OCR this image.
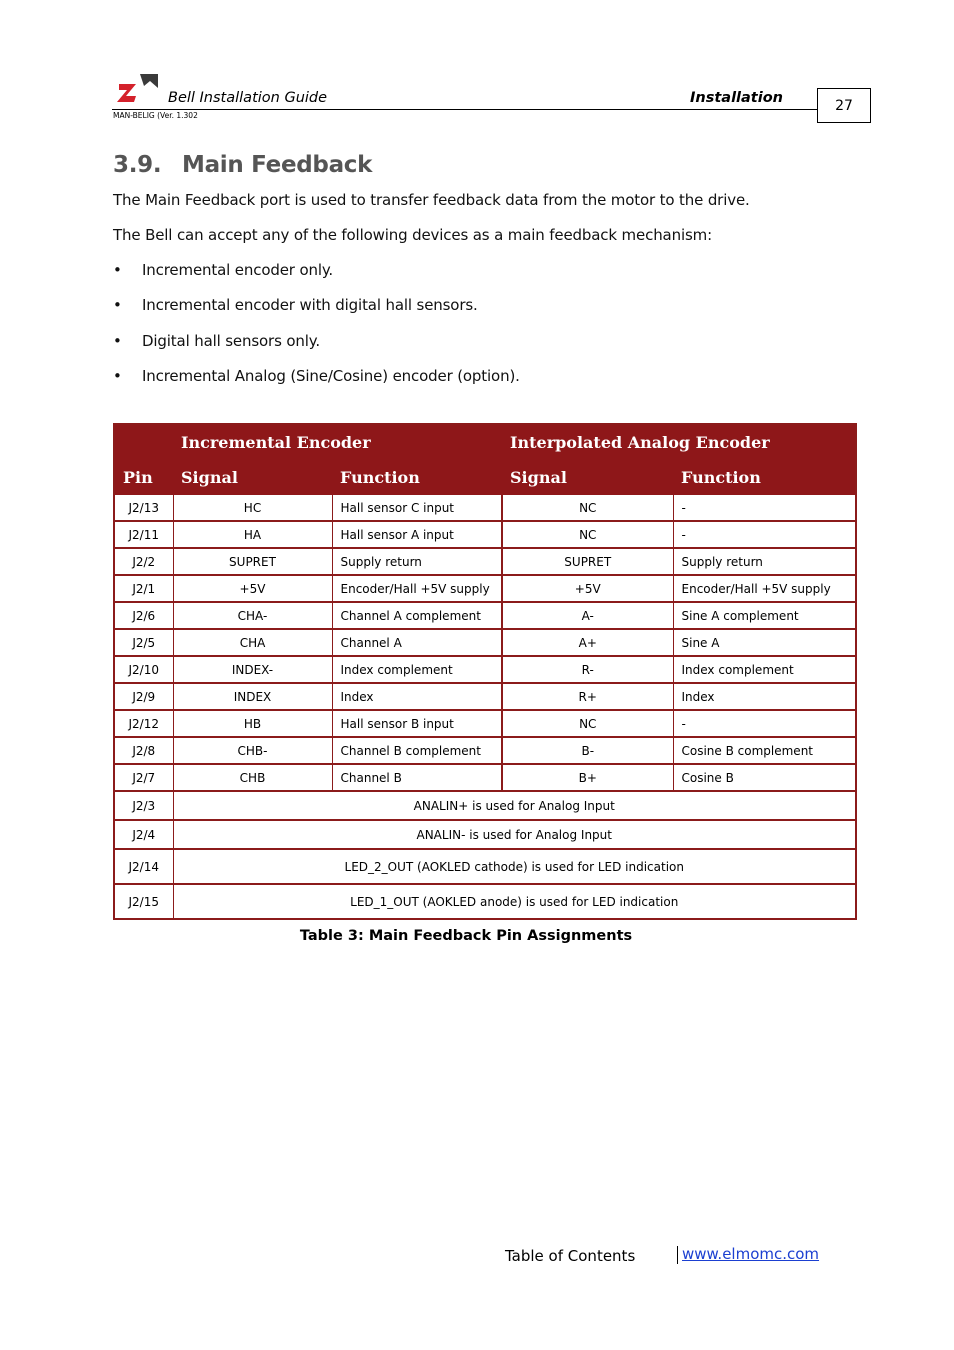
Bell Installation Guide	Installation
MAN-BELIG (Ver. 1.302
27
3.9. Main Feedback
The Main Feedback port is used to transfer feedback data from the motor to the drive.
The Bell can accept any of the following devices as a main feedback mechanism:
• Incremental encoder only.
• Incremental encoder with digital hall sensors.
• Digital hall sensors only.
• Incremental Analog (Sine/Cosine) encoder (option).
	Incremental Encoder		Interpolated Analog Encoder	
Pin	Signal	Function	Signal	Function
J2/13	HC	Hall sensor C input	NC	-
J2/11	HA	Hall sensor A input	NC	-
J2/2	SUPRET	Supply return	SUPRET	Supply return
J2/1	+5V	Encoder/Hall +5V supply	+5V	Encoder/Hall +5V supply
J2/6	CHA-	Channel A complement	A-	Sine A complement
J2/5	CHA	Channel A	A+	Sine A
J2/10	INDEX-	Index complement	R-	Index complement
J2/9	INDEX	Index	R+	Index
J2/12	HB	Hall sensor B input	NC	-
J2/8	CHB-	Channel B complement	B-	Cosine B complement
J2/7	CHB	Channel B	B+	Cosine B
J2/3	ANALIN+ is used for Analog Input			
J2/4	ANALIN- is used for Analog Input			
J2/14	LED_2_OUT (AOKLED cathode) is used for LED indication			
J2/15	LED_1_OUT (AOKLED anode) is used for LED indication			
Table 3: Main Feedback Pin Assignments
Table of Contents	www.elmomc.com
